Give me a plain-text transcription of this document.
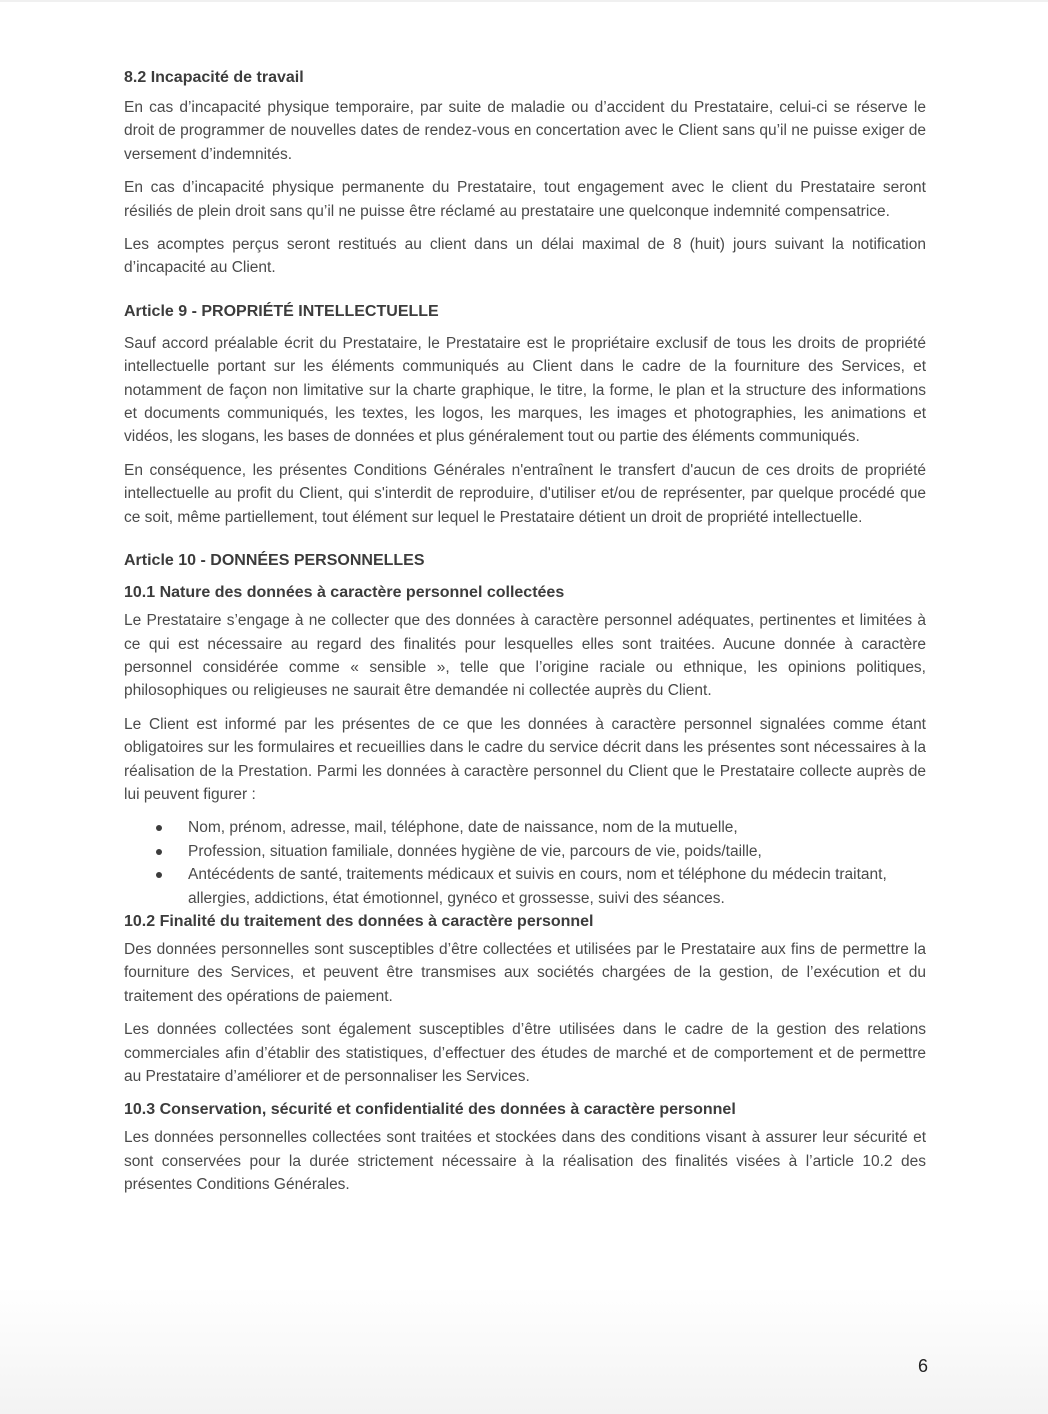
8.2 Incapacité de travail

En cas d’incapacité physique temporaire, par suite de maladie ou d’accident du Prestataire, celui-ci se réserve le droit de programmer de nouvelles dates de rendez-vous en concertation avec le Client sans qu’il ne puisse exiger de versement d’indemnités.

En cas d’incapacité physique permanente du Prestataire, tout engagement avec le client du Prestataire seront résiliés de plein droit sans qu’il ne puisse être réclamé au prestataire une quelconque indemnité compensatrice.

Les acomptes perçus seront restitués au client dans un délai maximal de 8 (huit) jours suivant la notification d’incapacité au Client.

Article 9 - PROPRIÉTÉ INTELLECTUELLE

Sauf accord préalable écrit du Prestataire, le Prestataire est le propriétaire exclusif de tous les droits de propriété intellectuelle portant sur les éléments communiqués au Client dans le cadre de la fourniture des Services, et notamment de façon non limitative sur la charte graphique, le titre, la forme, le plan et la structure des informations et documents communiqués, les textes, les logos, les marques, les images et photographies, les animations et vidéos, les slogans, les bases de données et plus généralement tout ou partie des éléments communiqués.

En conséquence, les présentes Conditions Générales n'entraînent le transfert d'aucun de ces droits de propriété intellectuelle au profit du Client, qui s'interdit de reproduire, d'utiliser et/ou de représenter, par quelque procédé que ce soit, même partiellement, tout élément sur lequel le Prestataire détient un droit de propriété intellectuelle.

Article 10 - DONNÉES PERSONNELLES
10.1 Nature des données à caractère personnel collectées

Le Prestataire s’engage à ne collecter que des données à caractère personnel adéquates, pertinentes et limitées à ce qui est nécessaire au regard des finalités pour lesquelles elles sont traitées. Aucune donnée à caractère personnel considérée comme « sensible », telle que l’origine raciale ou ethnique, les opinions politiques, philosophiques ou religieuses ne saurait être demandée ni collectée auprès du Client.

Le Client est informé par les présentes de ce que les données à caractère personnel signalées comme étant obligatoires sur les formulaires et recueillies dans le cadre du service décrit dans les présentes sont nécessaires à la réalisation de la Prestation. Parmi les données à caractère personnel du Client que le Prestataire collecte auprès de lui peuvent figurer :

Nom, prénom, adresse, mail, téléphone, date de naissance, nom de la mutuelle,
Profession, situation familiale, données hygiène de vie, parcours de vie, poids/taille,
Antécédents de santé, traitements médicaux et suivis en cours, nom et téléphone du médecin traitant, allergies, addictions, état émotionnel, gynéco et grossesse, suivi des séances.
10.2 Finalité du traitement des données à caractère personnel

Des données personnelles sont susceptibles d’être collectées et utilisées par le Prestataire aux fins de permettre la fourniture des Services, et peuvent être transmises aux sociétés chargées de la gestion, de l’exécution et du traitement des opérations de paiement.

Les données collectées sont également susceptibles d’être utilisées dans le cadre de la gestion des relations commerciales afin d’établir des statistiques, d’effectuer des études de marché et de comportement et de permettre au Prestataire d’améliorer et de personnaliser les Services.

10.3 Conservation, sécurité et confidentialité des données à caractère personnel

Les données personnelles collectées sont traitées et stockées dans des conditions visant à assurer leur sécurité et sont conservées pour la durée strictement nécessaire à la réalisation des finalités visées à l’article 10.2 des présentes Conditions Générales.

6
